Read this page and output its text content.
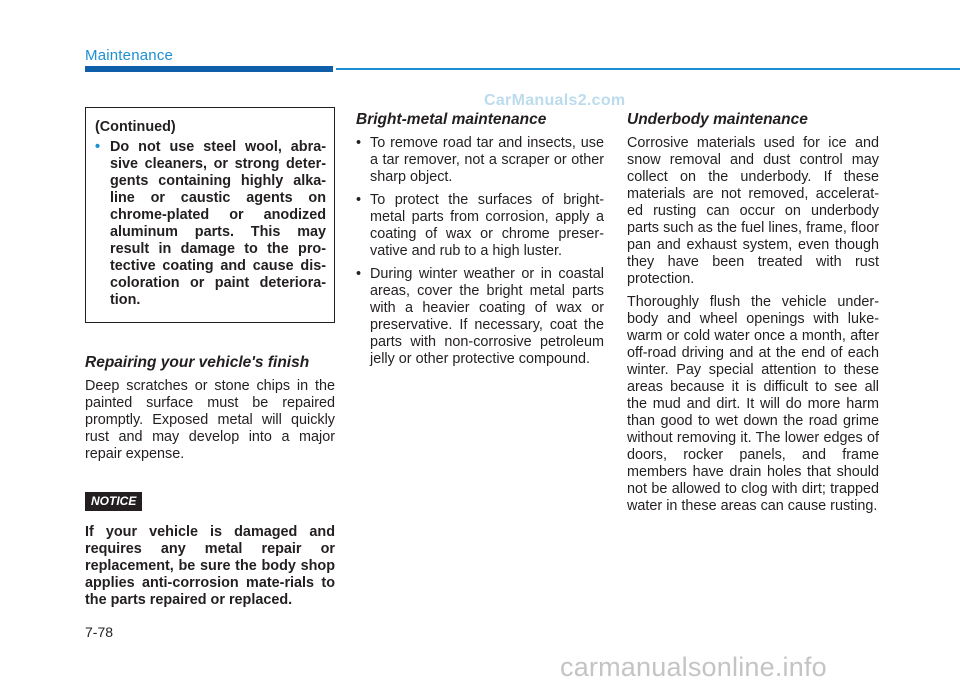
Maintenance
CarManuals2.com
(Continued)
• Do not use steel wool, abra-sive cleaners, or strong deter-gents containing highly alka-line or caustic agents on chrome-plated or anodized aluminum parts. This may result in damage to the pro-tective coating and cause dis-coloration or paint deteriora-tion.
Repairing your vehicle's finish

Deep scratches or stone chips in the painted surface must be repaired promptly. Exposed metal will quickly rust and may develop into a major repair expense.

NOTICE
If your vehicle is damaged and requires any metal repair or replacement, be sure the body shop applies anti-corrosion mate-rials to the parts repaired or replaced.
Bright-metal maintenance
• To remove road tar and insects, use a tar remover, not a scraper or other sharp object.
• To protect the surfaces of bright-metal parts from corrosion, apply a coating of wax or chrome preser-vative and rub to a high luster.
• During winter weather or in coastal areas, cover the bright metal parts with a heavier coating of wax or preservative. If necessary, coat the parts with non-corrosive petroleum jelly or other protective compound.
Underbody maintenance

Corrosive materials used for ice and snow removal and dust control may collect on the underbody. If these materials are not removed, accelerat-ed rusting can occur on underbody parts such as the fuel lines, frame, floor pan and exhaust system, even though they have been treated with rust protection.

Thoroughly flush the vehicle under-body and wheel openings with luke-warm or cold water once a month, after off-road driving and at the end of each winter. Pay special attention to these areas because it is difficult to see all the mud and dirt. It will do more harm than good to wet down the road grime without removing it. The lower edges of doors, rocker panels, and frame members have drain holes that should not be allowed to clog with dirt; trapped water in these areas can cause rusting.

7-78
carmanualsonline.info
